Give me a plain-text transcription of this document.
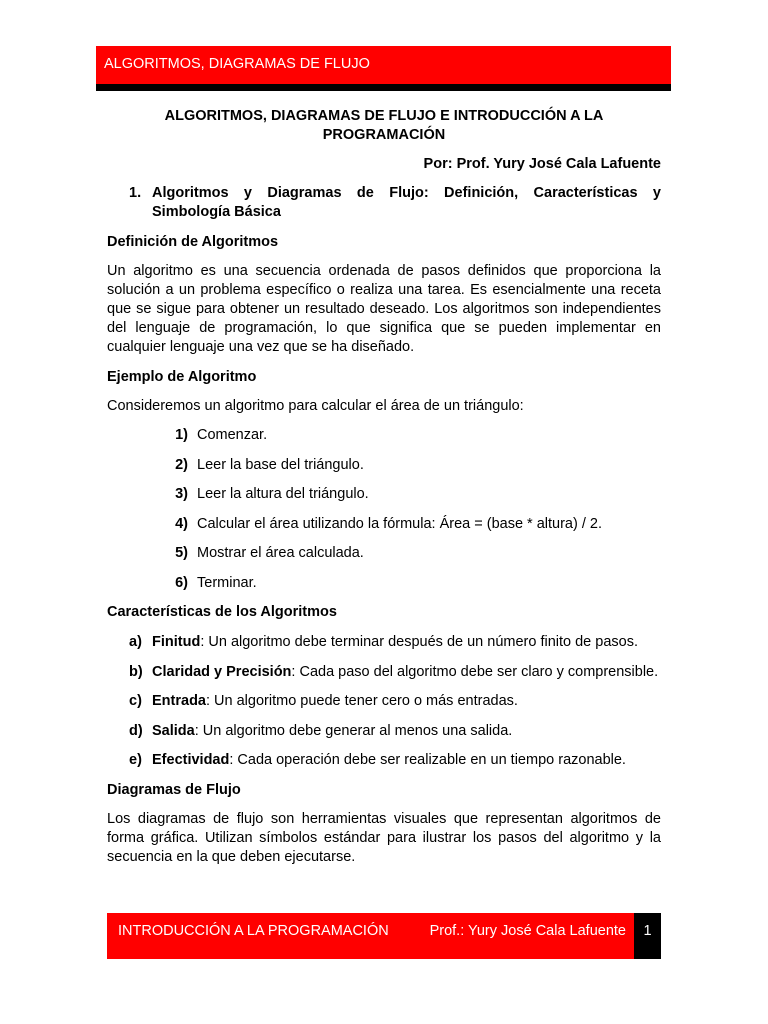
ALGORITMOS, DIAGRAMAS DE FLUJO

ALGORITMOS, DIAGRAMAS DE FLUJO E INTRODUCCIÓN A LA PROGRAMACIÓN

Por: Prof. Yury José Cala Lafuente

1. Algoritmos y Diagramas de Flujo: Definición, Características y Simbología Básica

Definición de Algoritmos

Un algoritmo es una secuencia ordenada de pasos definidos que proporciona la solución a un problema específico o realiza una tarea. Es esencialmente una receta que se sigue para obtener un resultado deseado. Los algoritmos son independientes del lenguaje de programación, lo que significa que se pueden implementar en cualquier lenguaje una vez que se ha diseñado.

Ejemplo de Algoritmo

Consideremos un algoritmo para calcular el área de un triángulo:

1) Comenzar.
2) Leer la base del triángulo.
3) Leer la altura del triángulo.
4) Calcular el área utilizando la fórmula: Área = (base * altura) / 2.
5) Mostrar el área calculada.
6) Terminar.

Características de los Algoritmos

a) Finitud: Un algoritmo debe terminar después de un número finito de pasos.
b) Claridad y Precisión: Cada paso del algoritmo debe ser claro y comprensible.
c) Entrada: Un algoritmo puede tener cero o más entradas.
d) Salida: Un algoritmo debe generar al menos una salida.
e) Efectividad: Cada operación debe ser realizable en un tiempo razonable.

Diagramas de Flujo

Los diagramas de flujo son herramientas visuales que representan algoritmos de forma gráfica. Utilizan símbolos estándar para ilustrar los pasos del algoritmo y la secuencia en la que deben ejecutarse.

INTRODUCCIÓN A LA PROGRAMACIÓN	Prof.: Yury José Cala Lafuente	1
